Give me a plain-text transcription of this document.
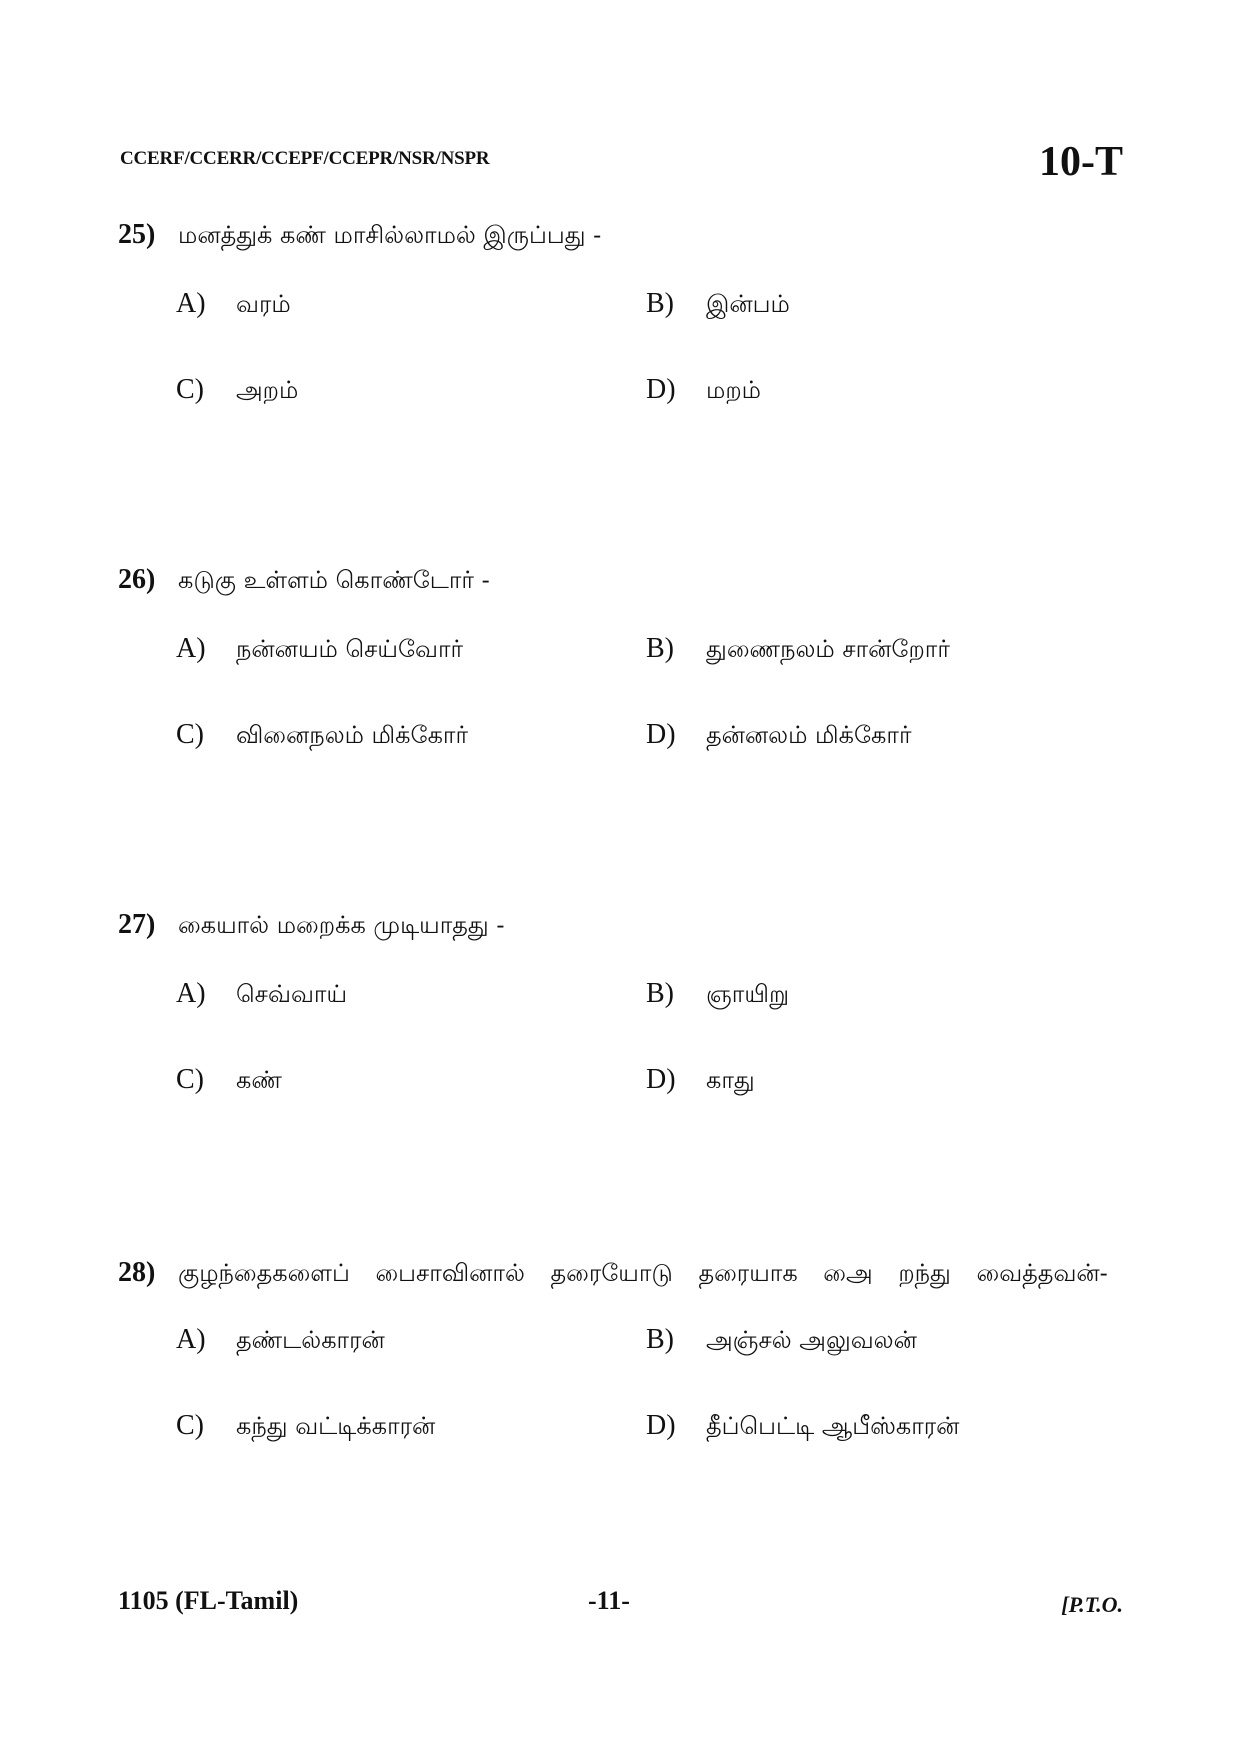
CCERF/CCERR/CCEPF/CCEPR/NSR/NSPR	10-T
25) மனத்துக் கண் மாசில்லாமல் இருப்பது -
A)	வரம்	B)	இன்பம்
C)	அறம்	D)	மறம்
26) கடுகு உள்ளம் கொண்டோர் -
A)	நன்னயம் செய்வோர்	B)	துணைநலம் சான்றோர்
C)	வினைநலம் மிக்கோர்	D)	தன்னலம் மிக்கோர்
27) கையால் மறைக்க முடியாதது -
A)	செவ்வாய்	B)	ஞாயிறு
C)	கண்	D)	காது
28) குழந்தைகளைப் பைசாவினால் தரையோடு தரையாக அை றந்து வைத்தவன்-
A)	தண்டல்காரன்	B)	அஞ்சல் அலுவலன்
C)	கந்து வட்டிக்காரன்	D)	தீப்பெட்டி ஆபீஸ்காரன்
1105 (FL-Tamil)	-11-	[P.T.O.
